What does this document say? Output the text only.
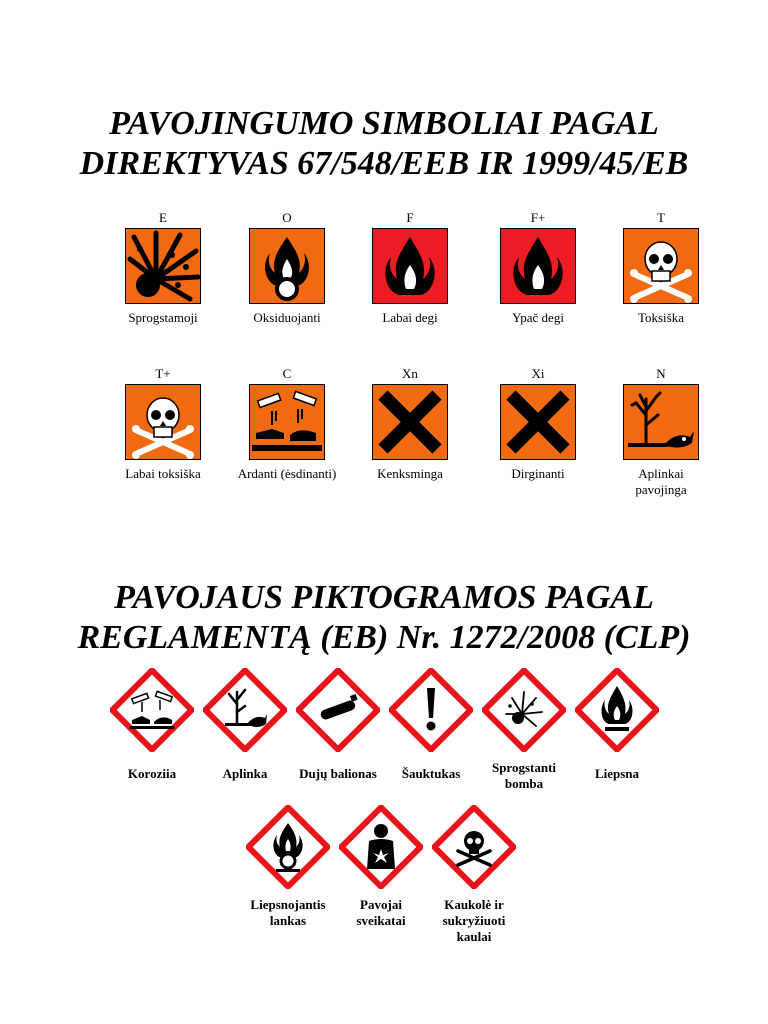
PAVOJINGUMO SIMBOLIAI PAGAL
DIREKTYVAS 67/548/EEB IR 1999/45/EB
E
Sprogstamoji
O
Oksiduojanti
F
Labai degi
F+
Ypač degi
T
Toksiška
T+
Labai toksiška
C
Ardanti (ėsdinanti)
Xn
Kenksminga
Xi
Dirginanti
N
Aplinkai
pavojinga
PAVOJAUS PIKTOGRAMOS PAGAL
REGLAMENTĄ (EB) Nr. 1272/2008 (CLP)
Koroziia	Aplinka	Dujų balionas	Šauktukas	Sprogstanti
bomba
Liepsna
Liepsnojantis
lankas
Pavojai
sveikatai
Kaukolė ir
sukryžiuoti
kaulai
